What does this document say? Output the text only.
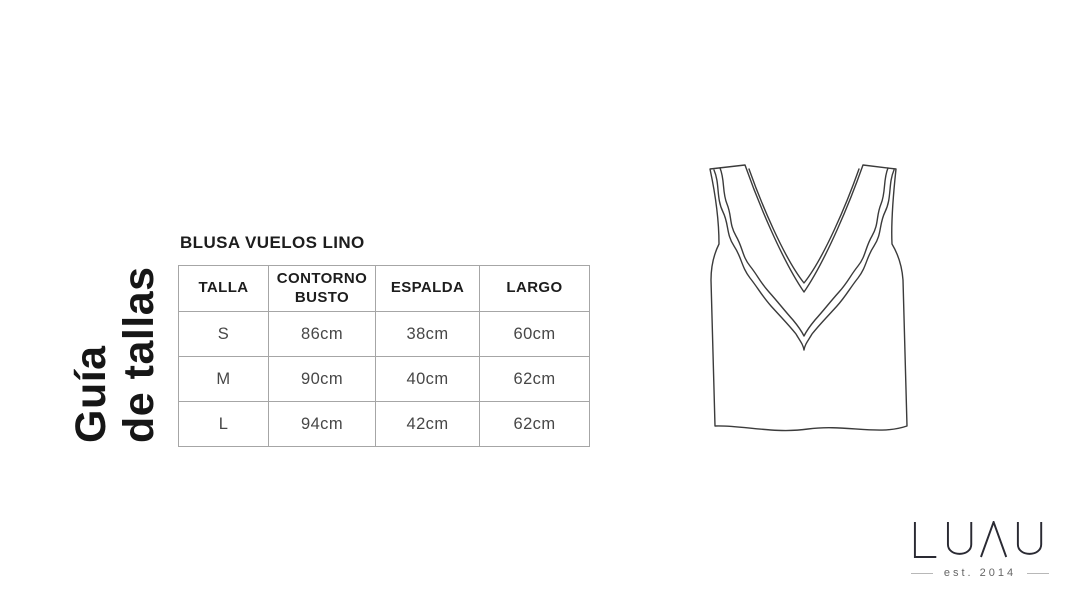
Guía de tallas
BLUSA VUELOS LINO
TALLA	CONTORNO BUSTO	ESPALDA	LARGO
S	86cm	38cm	60cm
M	90cm	40cm	62cm
L	94cm	42cm	62cm
est. 2014
